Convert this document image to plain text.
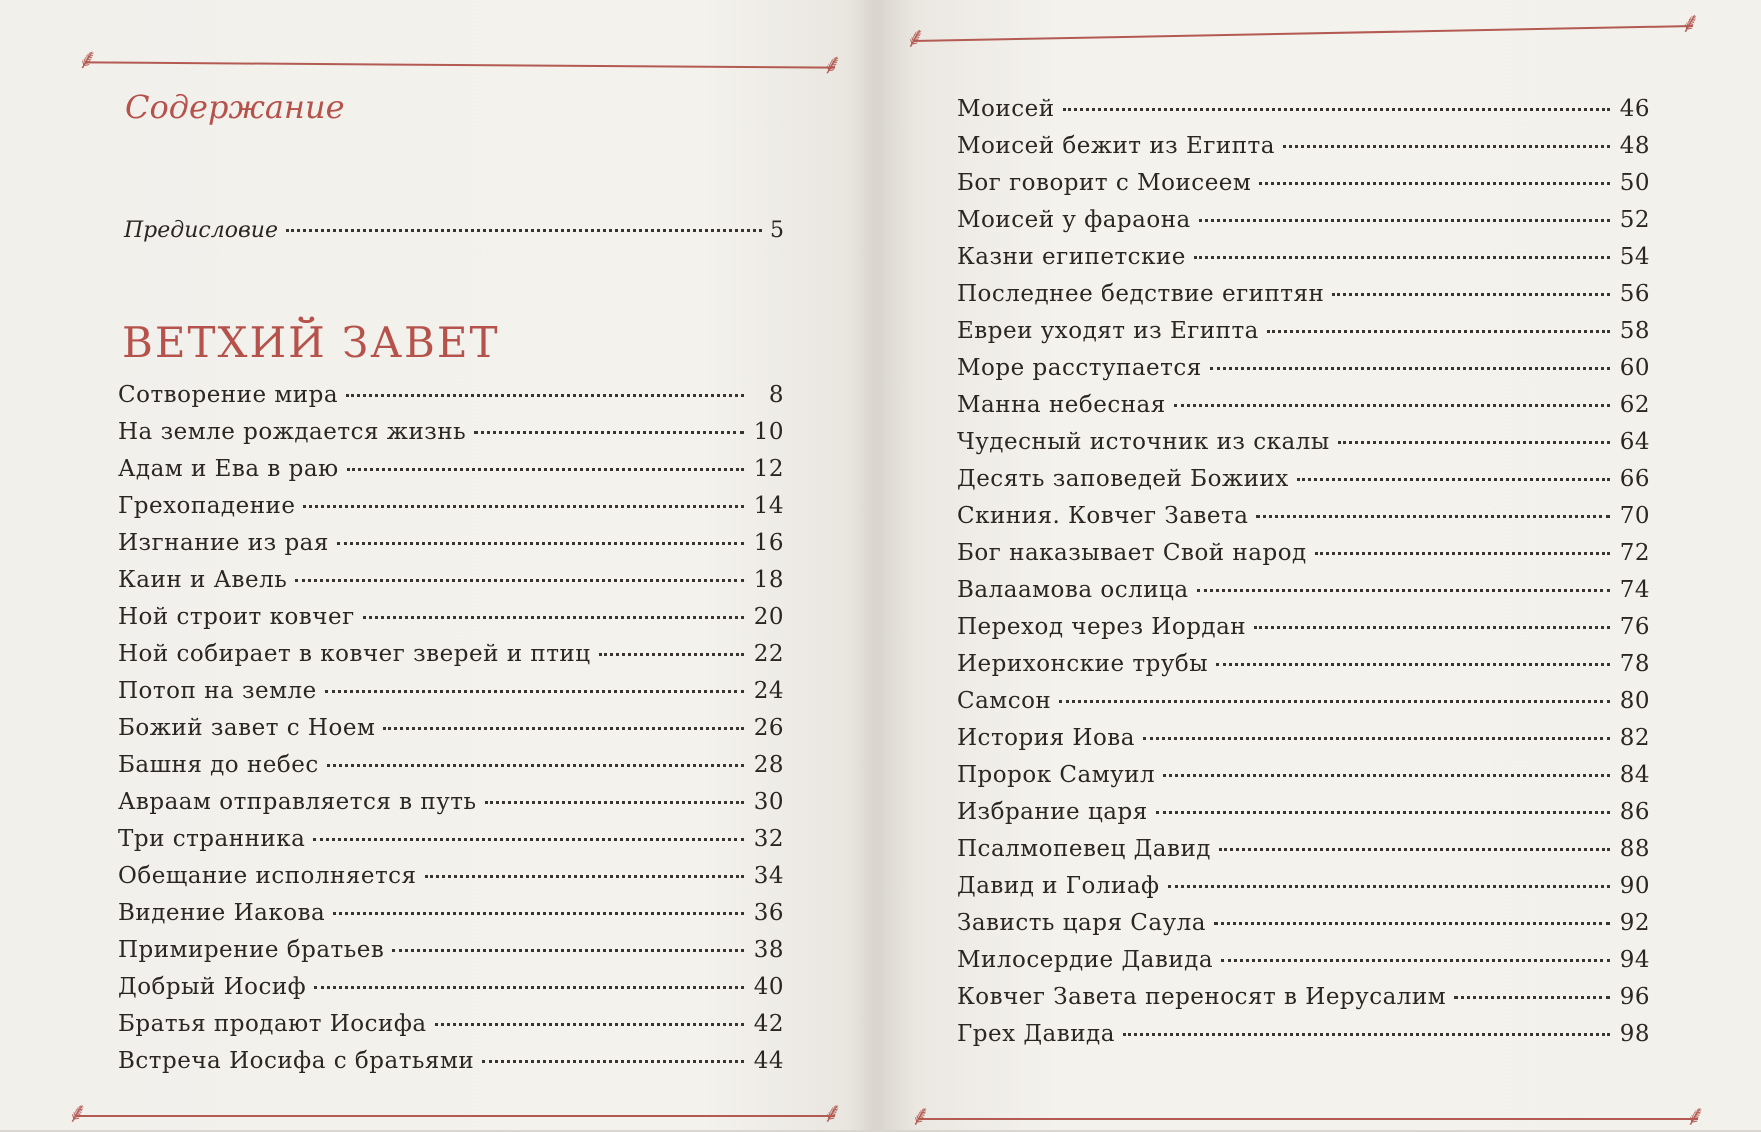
⸙	⸙
Содержание
Предисловие	5
ВЕТХИЙ ЗАВЕТ
Сотворение мира	8
На земле рождается жизнь	10
Адам и Ева в раю	12
Грехопадение	14
Изгнание из рая	16
Каин и Авель	18
Ной строит ковчег	20
Ной собирает в ковчег зверей и птиц	22
Потоп на земле	24
Божий завет с Ноем	26
Башня до небес	28
Авраам отправляется в путь	30
Три странника	32
Обещание исполняется	34
Видение Иакова	36
Примирение братьев	38
Добрый Иосиф	40
Братья продают Иосифа	42
Встреча Иосифа с братьями	44
⸙	⸙
⸙	⸙
Моисей	46
Моисей бежит из Египта	48
Бог говорит с Моисеем	50
Моисей у фараона	52
Казни египетские	54
Последнее бедствие египтян	56
Евреи уходят из Египта	58
Море расступается	60
Манна небесная	62
Чудесный источник из скалы	64
Десять заповедей Божиих	66
Скиния. Ковчег Завета	70
Бог наказывает Свой народ	72
Валаамова ослица	74
Переход через Иордан	76
Иерихонские трубы	78
Самсон	80
История Иова	82
Пророк Самуил	84
Избрание царя	86
Псалмопевец Давид	88
Давид и Голиаф	90
Зависть царя Саула	92
Милосердие Давида	94
Ковчег Завета переносят в Иерусалим	96
Грех Давида	98
⸙	⸙
